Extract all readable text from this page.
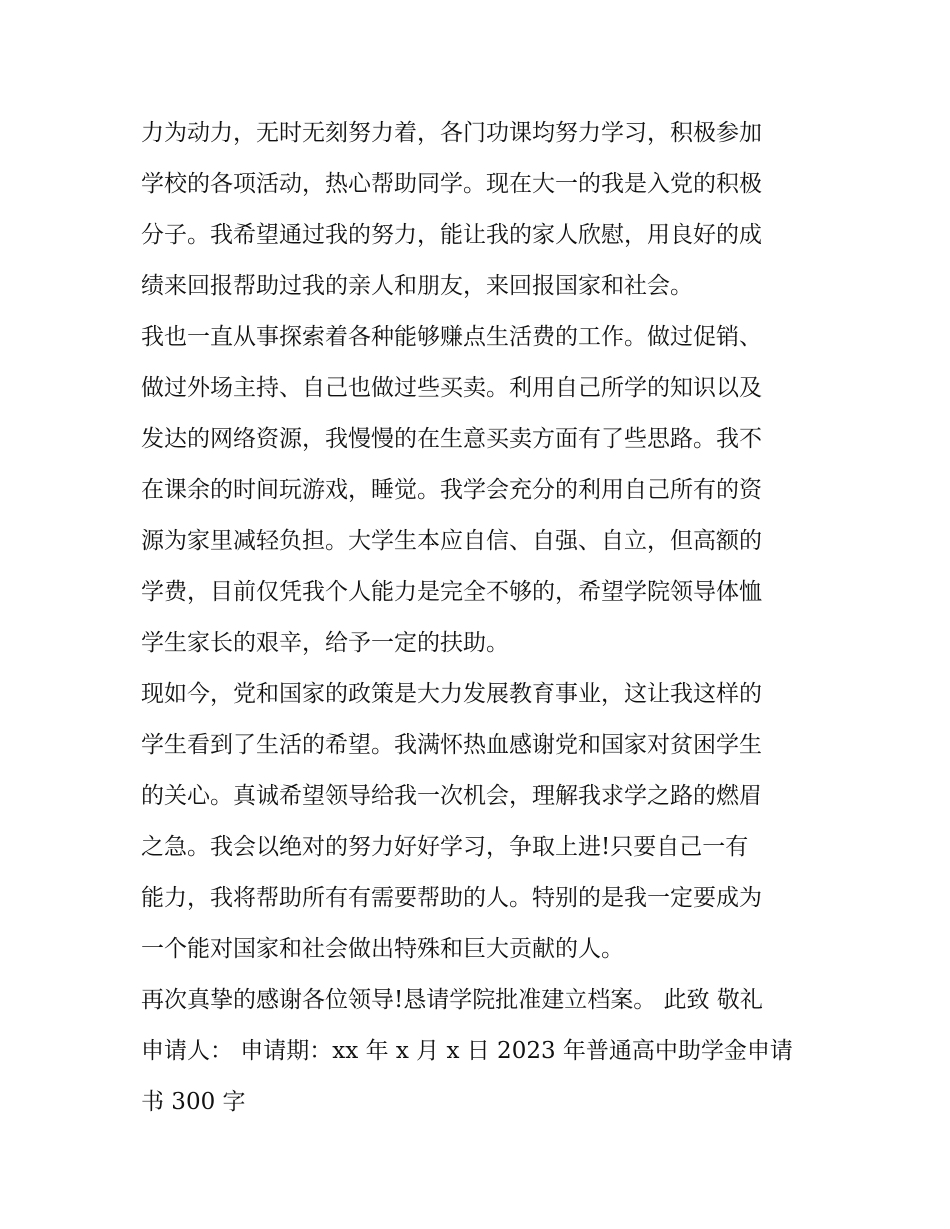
力为动力，无时无刻努力着，各门功课均努力学习，积极参加
学校的各项活动，热心帮助同学。现在大一的我是入党的积极
分子。我希望通过我的努力，能让我的家人欣慰，用良好的成
绩来回报帮助过我的亲人和朋友，来回报国家和社会。
我也一直从事探索着各种能够赚点生活费的工作。做过促销、
做过外场主持、自己也做过些买卖。利用自己所学的知识以及
发达的网络资源，我慢慢的在生意买卖方面有了些思路。我不
在课余的时间玩游戏，睡觉。我学会充分的利用自己所有的资
源为家里减轻负担。大学生本应自信、自强、自立，但高额的
学费，目前仅凭我个人能力是完全不够的，希望学院领导体恤
学生家长的艰辛，给予一定的扶助。
现如今，党和国家的政策是大力发展教育事业，这让我这样的
学生看到了生活的希望。我满怀热血感谢党和国家对贫困学生
的关心。真诚希望领导给我一次机会，理解我求学之路的燃眉
之急。我会以绝对的努力好好学习，争取上进!只要自己一有
能力，我将帮助所有有需要帮助的人。特别的是我一定要成为
一个能对国家和社会做出特殊和巨大贡献的人。
再次真挚的感谢各位领导!恳请学院批准建立档案。 此致 敬礼
申请人： 申请期：xx 年 x 月 x 日 2023 年普通高中助学金申请
书 300 字
